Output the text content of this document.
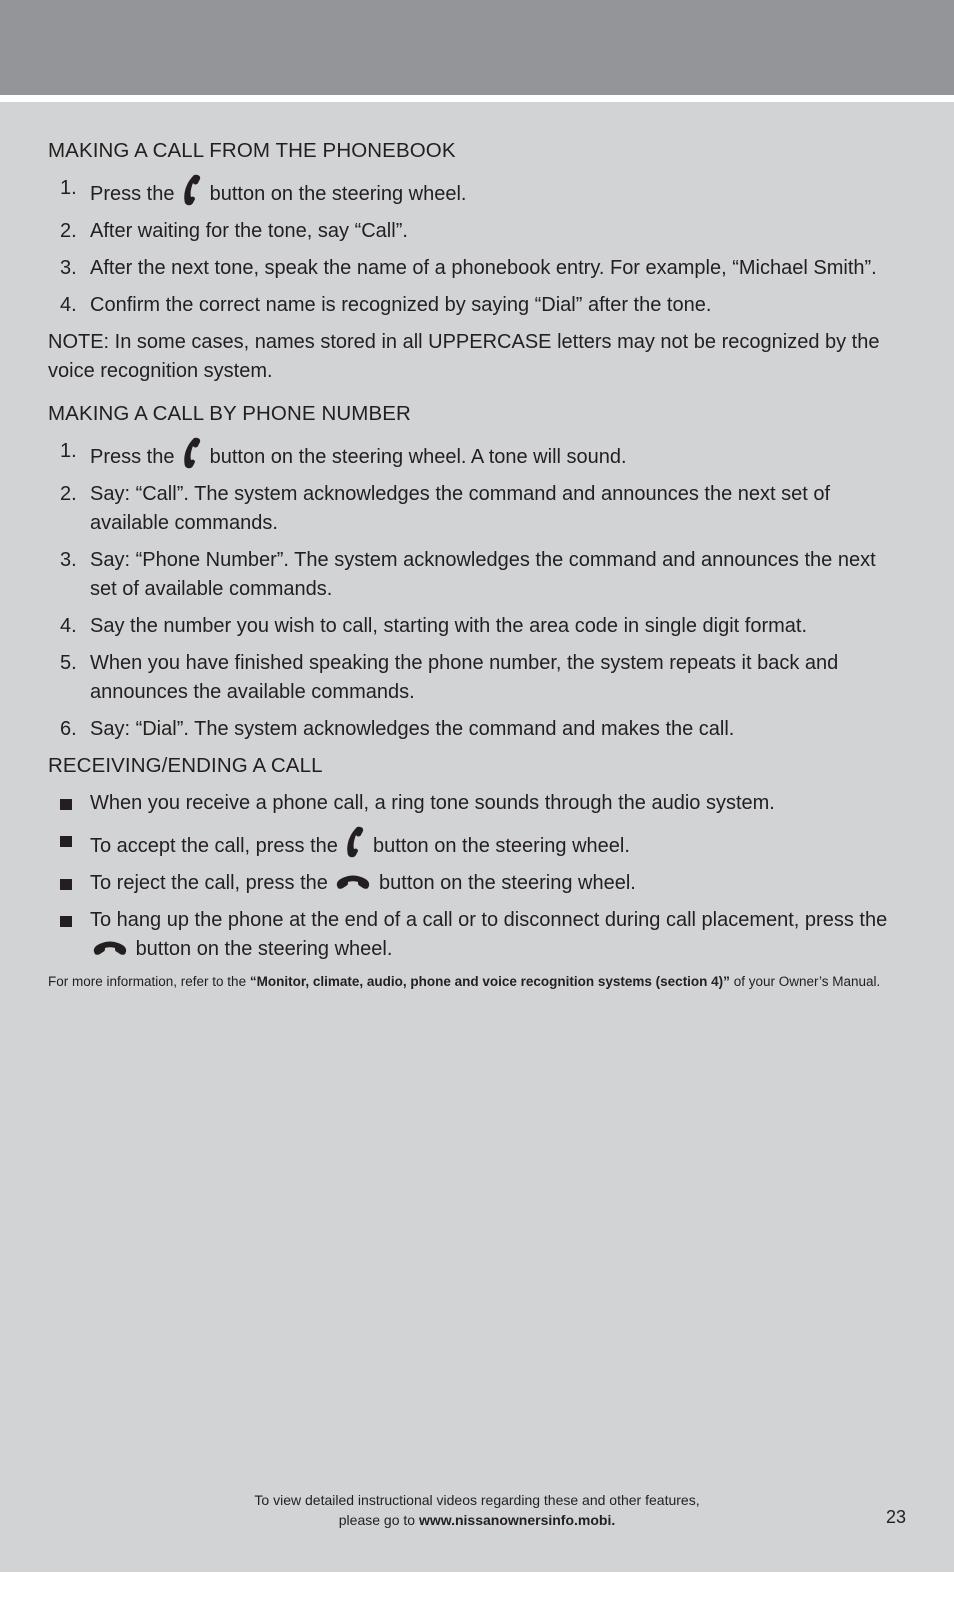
MAKING A CALL FROM THE PHONEBOOK
1. Press the button on the steering wheel.
2. After waiting for the tone, say “Call”.
3. After the next tone, speak the name of a phonebook entry. For example, “Michael Smith”.
4. Confirm the correct name is recognized by saying “Dial” after the tone.

NOTE: In some cases, names stored in all UPPERCASE letters may not be recognized by the voice recognition system.

MAKING A CALL BY PHONE NUMBER
1. Press the button on the steering wheel. A tone will sound.
2. Say: “Call”. The system acknowledges the command and announces the next set of available commands.
3. Say: “Phone Number”. The system acknowledges the command and announces the next set of available commands.
4. Say the number you wish to call, starting with the area code in single digit format.
5. When you have finished speaking the phone number, the system repeats it back and announces the available commands.
6. Say: “Dial”. The system acknowledges the command and makes the call.
RECEIVING/ENDING A CALL
When you receive a phone call, a ring tone sounds through the audio system.
To accept the call, press the button on the steering wheel.
To reject the call, press the	button on the steering wheel.
To hang up the phone at the end of a call or to disconnect during call placement, press the  button on the steering wheel.
For more information, refer to the “Monitor, climate, audio, phone and voice recognition systems (section 4)” of your Owner’s Manual.
To view detailed instructional videos regarding these and other features,
please go to www.nissanownersinfo.mobi.	23
